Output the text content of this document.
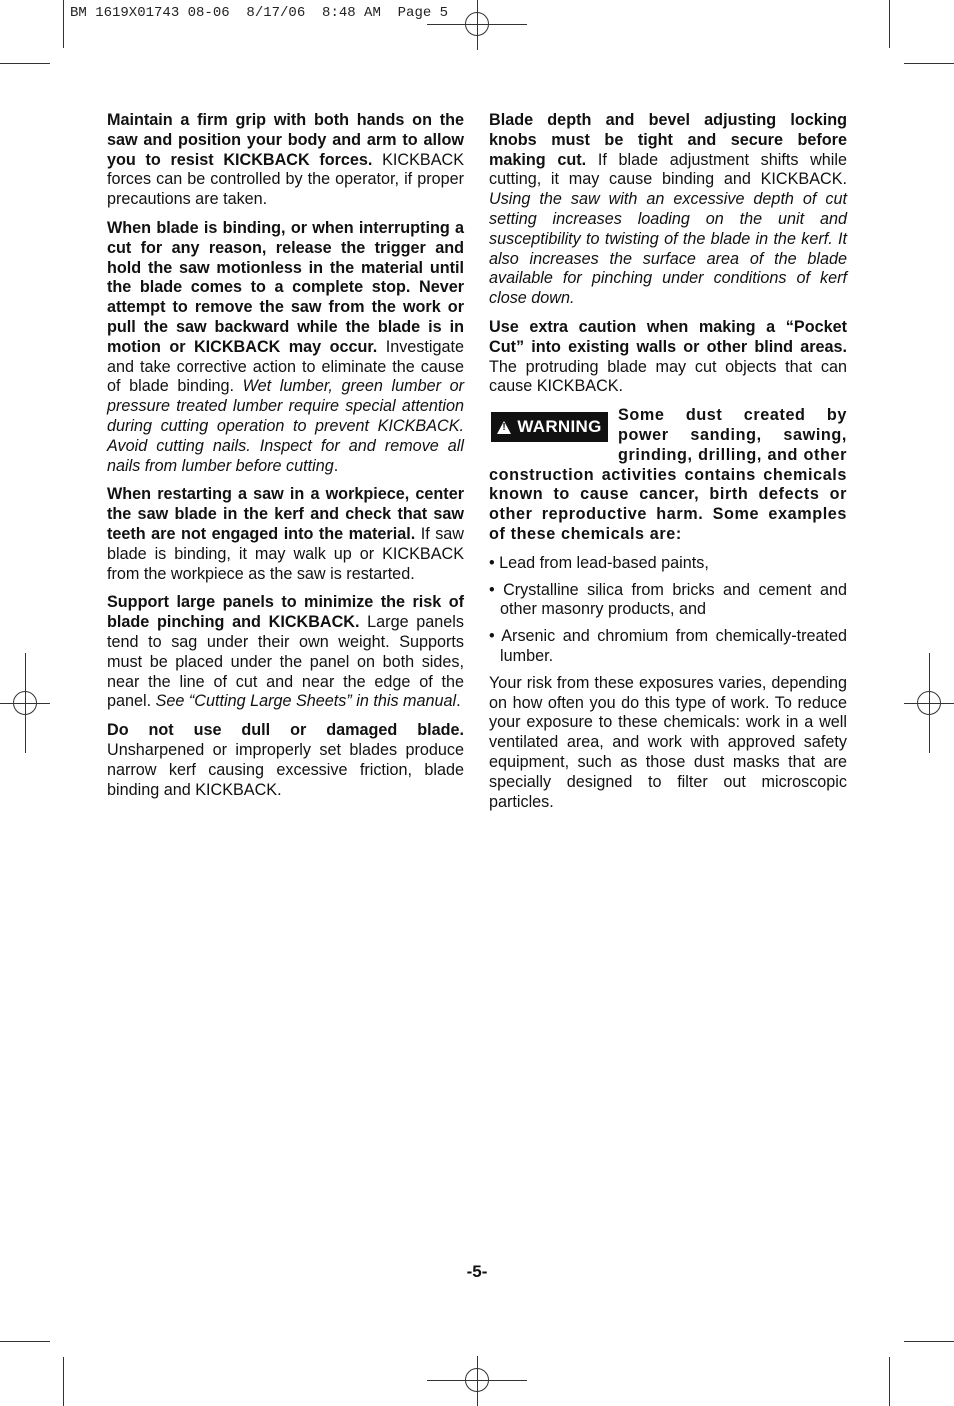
BM 1619X01743 08-06  8/17/06  8:48 AM  Page 5

Maintain a firm grip with both hands on the saw and position your body and arm to allow you to resist KICKBACK forces. KICKBACK forces can be controlled by the operator, if proper precautions are taken.

When blade is binding, or when interrupting a cut for any reason, release the trigger and hold the saw motionless in the material until the blade comes to a complete stop. Never attempt to remove the saw from the work or pull the saw backward while the blade is in motion or KICKBACK may occur. Investigate and take corrective action to eliminate the cause of blade binding. Wet lumber, green lumber or pressure treated lumber require special attention during cutting operation to prevent KICKBACK. Avoid cutting nails. Inspect for and remove all nails from lumber before cutting.

When restarting a saw in a workpiece, center the saw blade in the kerf and check that saw teeth are not engaged into the material. If saw blade is binding, it may walk up or KICKBACK from the workpiece as the saw is restarted.

Support large panels to minimize the risk of blade pinching and KICKBACK. Large panels tend to sag under their own weight. Supports must be placed under the panel on both sides, near the line of cut and near the edge of the panel. See “Cutting Large Sheets” in this manual.

Do not use dull or damaged blade. Unsharpened or improperly set blades produce narrow kerf causing excessive friction, blade binding and KICKBACK.

Blade depth and bevel adjusting locking knobs must be tight and secure before making cut. If blade adjustment shifts while cutting, it may cause binding and KICKBACK. Using the saw with an excessive depth of cut setting increases loading on the unit and susceptibility to twisting of the blade in the kerf. It also increases the surface area of the blade available for pinching under conditions of kerf close down.

Use extra caution when making a “Pocket Cut” into existing walls or other blind areas. The protruding blade may cut objects that can cause KICKBACK.

!
WARNING
Some dust created by power sanding, sawing, grinding, drilling, and other construction activities contains chemicals known to cause cancer, birth defects or other reproductive harm. Some examples of these chemicals are:

• Lead from lead-based paints,

• Crystalline silica from bricks and cement and other masonry products, and

• Arsenic and chromium from chemically-treated lumber.

Your risk from these exposures varies, depending on how often you do this type of work. To reduce your exposure to these chemicals: work in a well ventilated area, and work with approved safety equipment, such as those dust masks that are specially designed to filter out microscopic particles.

-5-
